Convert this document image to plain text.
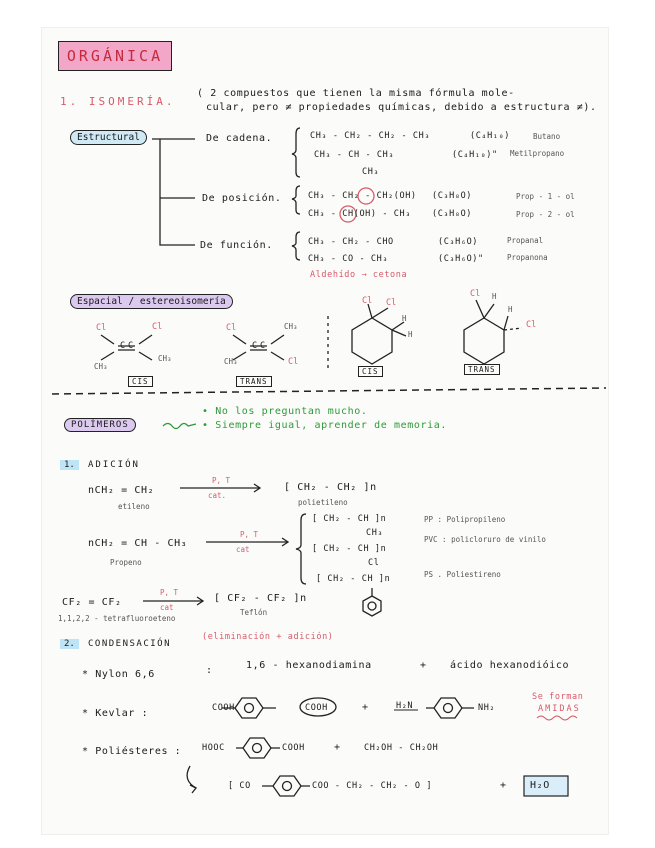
ORGÁNICA
1. ISOMERÍA.
( 2 compuestos que tienen la misma fórmula mole-
cular, pero ≠ propiedades químicas, debido a estructura ≠).
Estructural	De cadena.	CH₃ - CH₂ - CH₂ - CH₃	(C₄H₁₀)	Butano
CH₃ - CH - CH₃	(C₄H₁₀)" Metilpropano
CH₃
De posición.	CH₃ - CH₂ - CH₂(OH) (C₃H₈O)	Prop - 1 - ol
CH₃ - CH(OH) - CH₃ (C₃H₈O)	Prop - 2 - ol
De función.	CH₃ - CH₂ - CHO	(C₃H₆O)	Propanal
CH₃ - CO - CH₃	(C₃H₆O)"	Propanona
Aldehído → cetona
Espacial / estereoisomería
Cl	Cl
C C
CH₃
CH₃
CIS
Cl	CH₃
C C
CH₃	Cl
TRANS
Cl Cl
H
H
CIS
Cl H
H
Cl
TRANS
POLÍMEROS
• No los preguntan mucho.
• Siempre igual, aprender de memoria.
1.	ADICIÓN
nCH₂ = CH₂
etileno
P, T
cat.
[ CH₂ - CH₂ ]n
polietileno
nCH₂ = CH - CH₃
Propeno
P, T
cat
[ CH₂ - CH ]n
CH₃
PP : Polipropileno
[ CH₂ - CH ]n
Cl
PVC : policloruro de vinilo
[ CH₂ - CH ]n	PS . Poliestireno
CF₂ = CF₂
1,1,2,2 - tetrafluoroeteno
P, T
cat
[ CF₂ - CF₂ ]n
Teflón
2.	CONDENSACIÓN
(eliminación + adición)
* Nylon 6,6	:	1,6 - hexanodiamina	+ ácido hexanodióico
* Kevlar :	COOH	COOH	+	H₂N	NH₂
Se forman
AMIDAS
* Poliésteres : HOOC	COOH	+	CH₂OH - CH₂OH
[ CO	COO - CH₂ - CH₂ - O ]	+ H₂O
